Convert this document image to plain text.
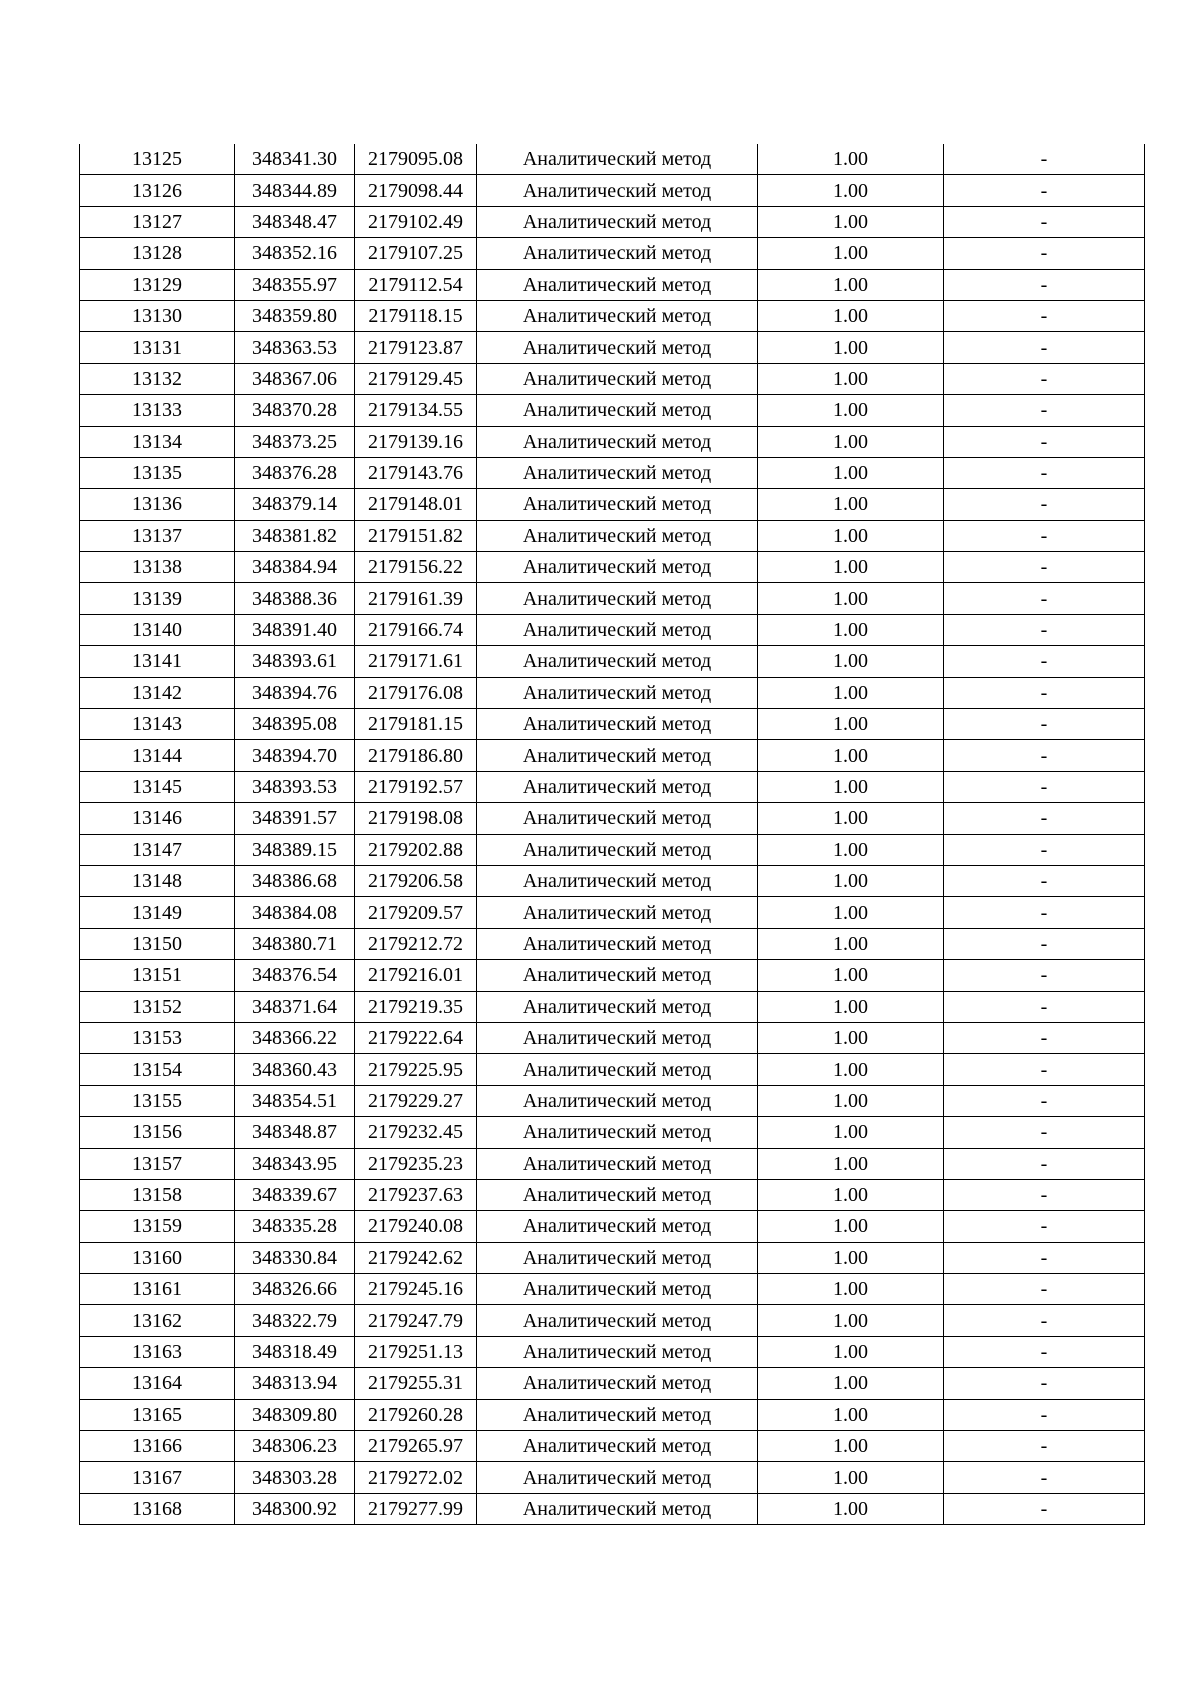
13125	348341.30	2179095.08	Аналитический метод	1.00	-
13126	348344.89	2179098.44	Аналитический метод	1.00	-
13127	348348.47	2179102.49	Аналитический метод	1.00	-
13128	348352.16	2179107.25	Аналитический метод	1.00	-
13129	348355.97	2179112.54	Аналитический метод	1.00	-
13130	348359.80	2179118.15	Аналитический метод	1.00	-
13131	348363.53	2179123.87	Аналитический метод	1.00	-
13132	348367.06	2179129.45	Аналитический метод	1.00	-
13133	348370.28	2179134.55	Аналитический метод	1.00	-
13134	348373.25	2179139.16	Аналитический метод	1.00	-
13135	348376.28	2179143.76	Аналитический метод	1.00	-
13136	348379.14	2179148.01	Аналитический метод	1.00	-
13137	348381.82	2179151.82	Аналитический метод	1.00	-
13138	348384.94	2179156.22	Аналитический метод	1.00	-
13139	348388.36	2179161.39	Аналитический метод	1.00	-
13140	348391.40	2179166.74	Аналитический метод	1.00	-
13141	348393.61	2179171.61	Аналитический метод	1.00	-
13142	348394.76	2179176.08	Аналитический метод	1.00	-
13143	348395.08	2179181.15	Аналитический метод	1.00	-
13144	348394.70	2179186.80	Аналитический метод	1.00	-
13145	348393.53	2179192.57	Аналитический метод	1.00	-
13146	348391.57	2179198.08	Аналитический метод	1.00	-
13147	348389.15	2179202.88	Аналитический метод	1.00	-
13148	348386.68	2179206.58	Аналитический метод	1.00	-
13149	348384.08	2179209.57	Аналитический метод	1.00	-
13150	348380.71	2179212.72	Аналитический метод	1.00	-
13151	348376.54	2179216.01	Аналитический метод	1.00	-
13152	348371.64	2179219.35	Аналитический метод	1.00	-
13153	348366.22	2179222.64	Аналитический метод	1.00	-
13154	348360.43	2179225.95	Аналитический метод	1.00	-
13155	348354.51	2179229.27	Аналитический метод	1.00	-
13156	348348.87	2179232.45	Аналитический метод	1.00	-
13157	348343.95	2179235.23	Аналитический метод	1.00	-
13158	348339.67	2179237.63	Аналитический метод	1.00	-
13159	348335.28	2179240.08	Аналитический метод	1.00	-
13160	348330.84	2179242.62	Аналитический метод	1.00	-
13161	348326.66	2179245.16	Аналитический метод	1.00	-
13162	348322.79	2179247.79	Аналитический метод	1.00	-
13163	348318.49	2179251.13	Аналитический метод	1.00	-
13164	348313.94	2179255.31	Аналитический метод	1.00	-
13165	348309.80	2179260.28	Аналитический метод	1.00	-
13166	348306.23	2179265.97	Аналитический метод	1.00	-
13167	348303.28	2179272.02	Аналитический метод	1.00	-
13168	348300.92	2179277.99	Аналитический метод	1.00	-
